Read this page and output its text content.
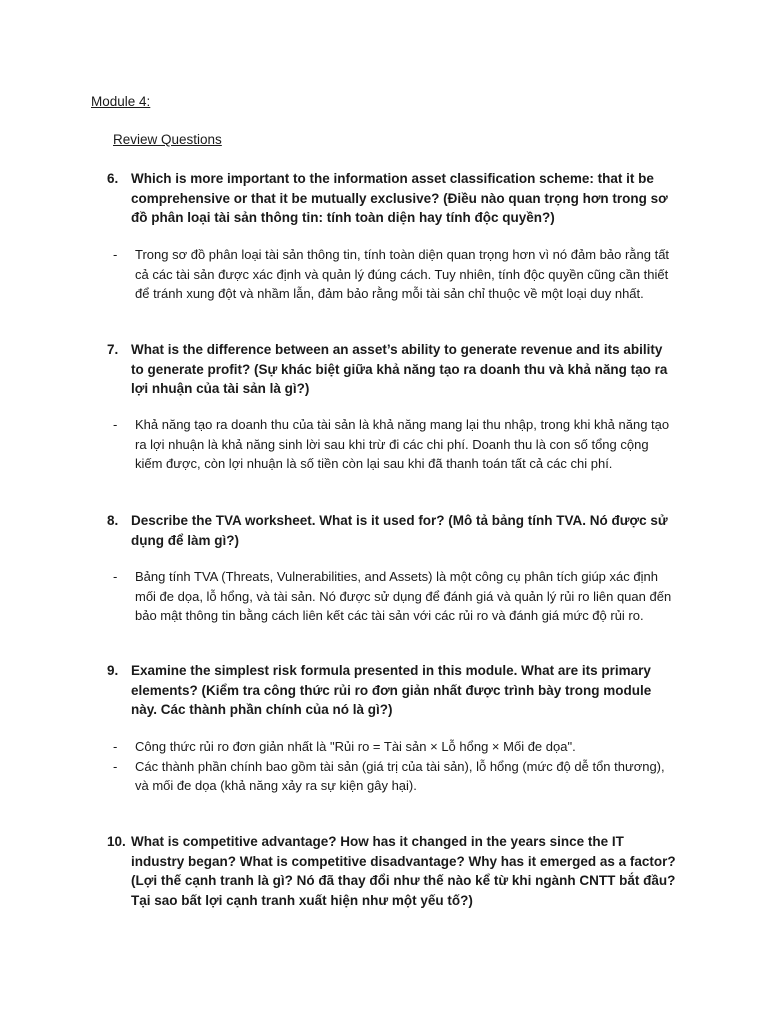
Module 4:
Review Questions
6. Which is more important to the information asset classification scheme: that it be comprehensive or that it be mutually exclusive? (Điều nào quan trọng hơn trong sơ đồ phân loại tài sản thông tin: tính toàn diện hay tính độc quyền?)
-	Trong sơ đồ phân loại tài sản thông tin, tính toàn diện quan trọng hơn vì nó đảm bảo rằng tất cả các tài sản được xác định và quản lý đúng cách. Tuy nhiên, tính độc quyền cũng cần thiết để tránh xung đột và nhầm lẫn, đảm bảo rằng mỗi tài sản chỉ thuộc về một loại duy nhất.
7. What is the difference between an asset’s ability to generate revenue and its ability to generate profit? (Sự khác biệt giữa khả năng tạo ra doanh thu và khả năng tạo ra lợi nhuận của tài sản là gì?)
-	Khả năng tạo ra doanh thu của tài sản là khả năng mang lại thu nhập, trong khi khả năng tạo ra lợi nhuận là khả năng sinh lời sau khi trừ đi các chi phí. Doanh thu là con số tổng cộng kiếm được, còn lợi nhuận là số tiền còn lại sau khi đã thanh toán tất cả các chi phí.
8. Describe the TVA worksheet. What is it used for? (Mô tả bảng tính TVA. Nó được sử dụng để làm gì?)
-	Bảng tính TVA (Threats, Vulnerabilities, and Assets) là một công cụ phân tích giúp xác định mối đe dọa, lỗ hổng, và tài sản. Nó được sử dụng để đánh giá và quản lý rủi ro liên quan đến bảo mật thông tin bằng cách liên kết các tài sản với các rủi ro và đánh giá mức độ rủi ro.
9. Examine the simplest risk formula presented in this module. What are its primary elements? (Kiểm tra công thức rủi ro đơn giản nhất được trình bày trong module này. Các thành phần chính của nó là gì?)
-	Công thức rủi ro đơn giản nhất là "Rủi ro = Tài sản × Lỗ hổng × Mối đe dọa".
-	Các thành phần chính bao gồm tài sản (giá trị của tài sản), lỗ hổng (mức độ dễ tổn thương), và mối đe dọa (khả năng xảy ra sự kiện gây hại).
10. What is competitive advantage? How has it changed in the years since the IT industry began? What is competitive disadvantage? Why has it emerged as a factor? (Lợi thế cạnh tranh là gì? Nó đã thay đổi như thế nào kể từ khi ngành CNTT bắt đầu? Tại sao bất lợi cạnh tranh xuất hiện như một yếu tố?)
